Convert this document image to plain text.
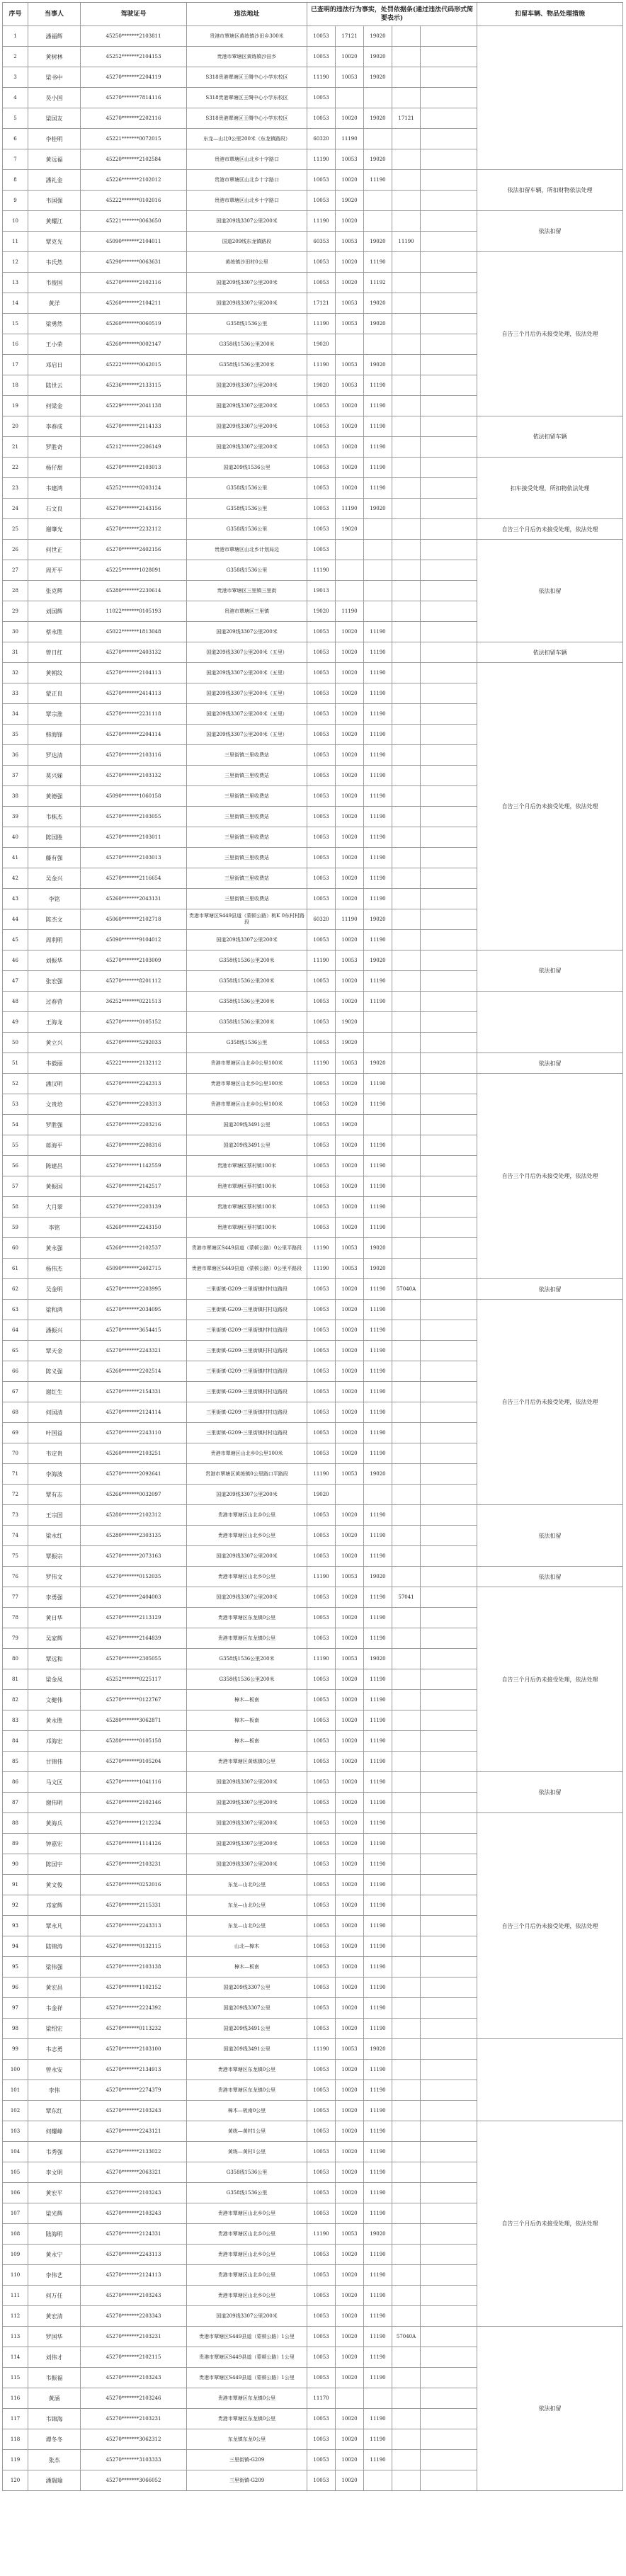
序号	当事人	驾驶证号	违法地址	已查明的违法行为事实，处罚依据条(通过违法代码形式简要表示)					扣留车辆、物品处理措施
1	潘福辉	45250*******2103811	贵港市覃塘区黄练镇沙田乡300米	10053	17121	19020			
2	黄树林	45252*******2104153	贵港市覃塘区黄练镇沙田乡	10053	10020	19020			
3	梁书中	45270*******2204119	S318贵港覃塘区王绸中心小学东校区	11190	10053	19020			
4	吴小国	45270*******7814116	S318贵港覃塘区王绸中心小学东校区	10053					
5	梁国友	45270*******2202116	S318贵港覃塘区王绸中心小学东校区	10053	10020	19020	17121		
6	李桂明	45221*******0072015	东龙—山北0公里200米（东龙镇路段）	60320	11190				
7	黄远福	45220*******2102584	贵港市覃塘区山北乡十字路口	11190	10053	19020			
8	潘礼金	45226*******2102012	贵港市覃塘区山北乡十字路口	10053	10020	11190			依法扣留车辆，所扣财物依法处理
9	韦国强	45222*******0102016	贵港市覃塘区山北乡十字路口	10053	19020				
10	黄耀江	45221*******0063650	国道209线3307公里200米	11190	10020				依法扣留
11	覃克光	45090*******2104011	国道209线东龙镇路段	60353	10053	19020	11190		
12	韦氏然	45290*******0063631	黄练镇沙田村0公里	10053	10020	11190			自告三个月后仍未接受处理，依法处理
13	韦俊国	45270*******2102116	国道209线3307公里200米	10053	10020	11192			
14	黄洋	45260*******2104211	国道209线3307公里200米	17121	10053	19020			
15	梁勇然	45260*******0060519	G358线1536公里	11190	10053	19020			
16	王小荣	45260*******0002147	G358线1536公里200米	19020					
17	邓启日	45222*******0042015	G358线1536公里200米	11190	10053	19020			
18	陆世云	45236*******2133115	国道209线3307公里200米	19020	10053	11190			
19	何梁金	45229*******2041138	国道209线3307公里200米	10053	10020	11190			
20	李春成	45270*******2114133	国道209线3307公里200米	10053	10020	11190			依法扣留车辆
21	罗胜奇	45212*******2206149	国道209线3307公里200米	10053	10020	11190			
22	杨仔甜	45270*******2103013	国道209线1536公里	10053	10020	11190			扣车接受处理，所扣物依法处理
23	韦建鸿	45252*******0203124	G358线1536公里	10053	10020	11190			
24	石文良	45270*******2143156	G358线1536公里	10053	11190	19020			
25	谢肇光	45270*******2232112	G358线1536公里	10053	19020				自告三个月后仍未接受处理，依法处理
26	何世正	45270*******2402156	贵港市覃塘区山北乡计划局边	10053					依法扣留
27	周开平	45225*******1028091	G358线1536公里	11190					
28	张克辉	45280*******2230614	贵港市覃塘区三里镇三里街	19013					
29	刘国辉	11022*******0105193	贵港市覃塘区三里镇	19020	11190				
30	蔡永胜	45022*******1813048	国道209线3307公里200米	10053	10020	11190			
31	曾日红	45270*******2403132	国道209线3307公里200米（五里）	10053	10020	11190			依法扣留车辆
32	黄朝纹	45270*******2104113	国道209线3307公里200米（五里）	10053	10020	11190			自告三个月后仍未接受处理，依法处理
33	蒙正良	45270*******2414113	国道209线3307公里200米（五里）	10053	10020	11190			
34	覃宗淮	45270*******2231118	国道209线3307公里200米（五里）	10053	10020	11190			
35	韩海锋	45270*******2204114	国道209线3307公里200米（五里）	10053	10020	11190			
36	罗达清	45270*******2103116	三里街镇三里收费站	10053	10020	11190			
37	莫兴娣	45270*******2103132	三里街镇三里收费站	10053	10020	11190			
38	黄德强	45090*******1060158	三里街镇三里收费站	10053	10020	11190			
39	韦栋杰	45270*******2103055	三里街镇三里收费站	10053	10020	11190			
40	陈国胜	45270*******2103011	三里街镇三里收费站	10053	10020	11190			
41	藤有强	45270*******2103013	三里街镇三里收费站	10053	10020	11190			
42	吴金兴	45270*******2116654	三里街镇三里收费站	10053	10020	11190			
43	李铭	45260*******2043131	三里街镇三里收费站	10053	10020	11190			
44	陈杰文	45060*******2102718	贵港市覃塘区S449县道（蒙顿公路）桃K 0东村村路段	60320	11190	19020			
45	周利明	45090*******9104012	国道209线3307公里200米	10053	10020	11190			
46	刘振华	45270*******2103009	G358线1536公里200米	11190	10053	19020			依法扣留
47	张宏强	45270*******8201112	G358线1536公里200米	10053	10020	11190			
48	过春营	36252*******0221513	G358线1536公里200米	10053	10020	11190			
49	王海龙	45270*******0105152	G358线1536公里200米	10053	19020				
50	黄立兴	45270*******5292033	G358线1536公里	10053	19020				
51	韦毅丽	45222*******2132112	贵港市覃塘区山北乡0公里100米	11190	10053	19020			依法扣留
52	潘汉明	45270*******2242313	贵港市覃塘区山北乡0公里100米	10053	10020	11190			自告三个月后仍未接受处理，依法处理
53	文贵培	45270*******2203313	贵港市覃塘区山北乡0公里100米	10053	10020	11190			
54	罗胜强	45270*******2203216	国道209线3491公里	10053	19020				
55	蒋海平	45270*******2208316	国道209线3491公里	10053	10020	11190			
56	陈建昌	45270*******1142559	贵港市覃塘区蔡村镇100米	10053	10020	11190			
57	黄振国	45270*******2142517	贵港市覃塘区蔡村镇100米	10053	10020	11190			
58	大月翠	45270*******2203139	贵港市覃塘区蔡村镇100米	10053	10020	11190			
59	李铭	45260*******2243150	贵港市覃塘区蔡村镇100米	10053	10020	11190			
60	黄永强	45260*******2102537	贵港市覃塘区S449县道（蒙顿公路）0公里平路段	11190	10053	19020			
61	杨伟杰	45090*******2402715	贵港市覃塘区S449县道（蒙顿公路）0公里平路段	11190	10053	19020			
62	吴金明	45270*******2203995	三里街镇-G209-三里街镇村村边路段	10053	10020	11190	57040A		依法扣留
63	梁和鸿	45270*******2034095	三里街镇-G209-三里街镇村村边路段	10053	10020	11190			自告三个月后仍未接受处理，依法处理
64	潘振兴	45270*******3654415	三里街镇-G209-三里街镇村村边路段	10053	10020	11190			
65	覃天金	45270*******2243321	三里街镇-G209-三里街镇村村边路段	10053	10020	11190			
66	陈义强	45260*******2202514	三里街镇-G209-三里街镇村村边路段	10053	10020	11190			
67	谢红生	45270*******2154331	三里街镇-G209-三里街镇村村边路段	10053	10020	11190			
68	何国清	45270*******2124114	三里街镇-G209-三里街镇村村边路段	10053	10020	11190			
69	叶国益	45270*******2243110	三里街镇-G209-三里街镇村村边路段	10053	10020	11190			
70	韦定贵	45260*******2103251	贵港市覃塘区山北乡0公里100米	10053	10020	11190			
71	李海波	45270*******2092641	贵港市覃塘区黄练镇0公里路口平路段	11190	10053	19020			
72	覃有志	45266*******0032097	国道209线3307公里200米	19020					
73	王宗国	45280*******2102312	贵港市覃塘区山北乡0公里	10053	10020	11190			依法扣留
74	梁永红	45280*******2303135	贵港市覃塘区山北乡0公里	10053	10020	11190			
75	覃振宗	45270*******2073163	国道209线3307公里200米	10053	10020	11190			
76	罗伟文	45270*******0152035	贵港市覃塘区山北乡0公里	11190	10053	19020			依法扣留
77	李勇强	45270*******2404003	国道209线3307公里200米	10053	10020	11190	57041		自告三个月后仍未接受处理，依法处理
78	黄日华	45270*******2113129	贵港市覃塘区东龙镇0公里	10053	10020	11190			
79	吴家辉	45270*******2164839	贵港市覃塘区东龙镇0公里	10053	10020	11190			
80	覃远和	45270*******2305055	G358线1536公里200米	11190	10053	19020			
81	梁金凤	45252*******0225117	G358线1536公里200米	10053	10020	11190			
82	文健伟	45270*******0122767	樟木—板南	10053	10020	11190			
83	黄永胜	45280*******3062871	樟木—板南	10053	10020	11190			
84	邓海宏	45280*******0105158	樟木—板南	10053	10020	11190			
85	甘锦伟	45270*******9105204	贵港市覃塘区黄练镇0公里	10053	10020	11190			
86	马文区	45270*******1041116	国道209线3307公里200米	10053	10020	11190			依法扣留
87	谢伟明	45270*******2102146	国道209线3307公里200米	10053	10020	11190			
88	黄海兵	45270*******1212234	国道209线3307公里200米	10053	10020	11190			自告三个月后仍未接受处理，依法处理
89	钟嘉宏	45270*******1114126	国道209线3307公里200米	10053	10020	11190			
90	陈国宇	45270*******2103231	国道209线3307公里200米	10053	10020	11190			
91	黄文俊	45270*******0252016	东龙—山北0公里	10053	10020	11190			
92	邓家辉	45270*******2115331	东龙—山北0公里	10053	10020	11190			
93	覃永凡	45270*******2243313	东龙—山北0公里	10053	10020	11190			
94	陆锦涛	45270*******0132115	山北—樟木	10053	10020	11190			
95	梁伟强	45270*******2103138	樟木—板南	10053	10020	11190			
96	黄宏昌	45270*******1102152	国道209线3307公里	10053	10020	11190			
97	韦金祥	45270*******2224392	国道209线3307公里	10053	10020	11190			
98	梁绍宏	45270*******0113232	国道209线3491公里	10053	10020	11190			
99	韦志勇	45270*******2103100	国道209线3491公里	11190	10053	19020			
100	曾永安	45270*******2134913	贵港市覃塘区东龙镇0公里	10053	10020	11190			
101	李伟	45270*******2274379	贵港市覃塘区东龙镇0公里	10053	10020	11190			
102	覃东红	45270*******2103243	樟木—板南0公里	10053	10020	11190			
103	何耀峰	45270*******2243121	黄练—黄村1公里	10053	10020	11190			自告三个月后仍未接受处理，依法处理
104	韦秀强	45270*******2133022	黄练—黄村1公里	10053	10020	11190			
105	李文明	45270*******2063321	G358线1536公里	10053	10020	11190			
106	黄宏平	45270*******2103243	G358线1536公里	10053	10020	11190			
107	梁光辉	45270*******2103243	贵港市覃塘区山北乡0公里	10053	10020	11190			
108	陆海明	45270*******2124331	贵港市覃塘区山北乡0公里	11190	10053	19020			
109	黄永宁	45270*******2243113	贵港市覃塘区山北乡0公里	10053	10020	11190			
110	李伟艺	45270*******2124113	贵港市覃塘区山北乡0公里	10053	10020	11190			
111	何万任	45270*******2103243	贵港市覃塘区山北乡0公里	10053	10020	11190			
112	黄宏清	45270*******2203343	国道209线3307公里200米	10053	10020	11190			
113	罗国华	45270*******2103231	贵港市覃塘区S449县道（蒙顿公路）1公里	10053	10020	11190	57040A		依法扣留
114	刘伟才	45270*******2102115	贵港市覃塘区S449县道（蒙顿公路）1公里	10053	10020	11190			
115	韦振福	45270*******2103243	贵港市覃塘区S449县道（蒙顿公路）1公里	10053	10020	11190			
116	黄涵	45270*******2103246	贵港市覃塘区东龙镇0公里	11170					
117	韦锦海	45270*******2103231	贵港市覃塘区东龙镇0公里	10053	10020	11190			
118	谭冬冬	45270*******3062312	东龙镇东龙0公里	10053	10020	11190			
119	张杰	45270*******3103333	三里街镇-G209	10053	10020	11190			
120	潘瑞瑜	45270*******3066052	三里街镇-G209	10053	10020				
